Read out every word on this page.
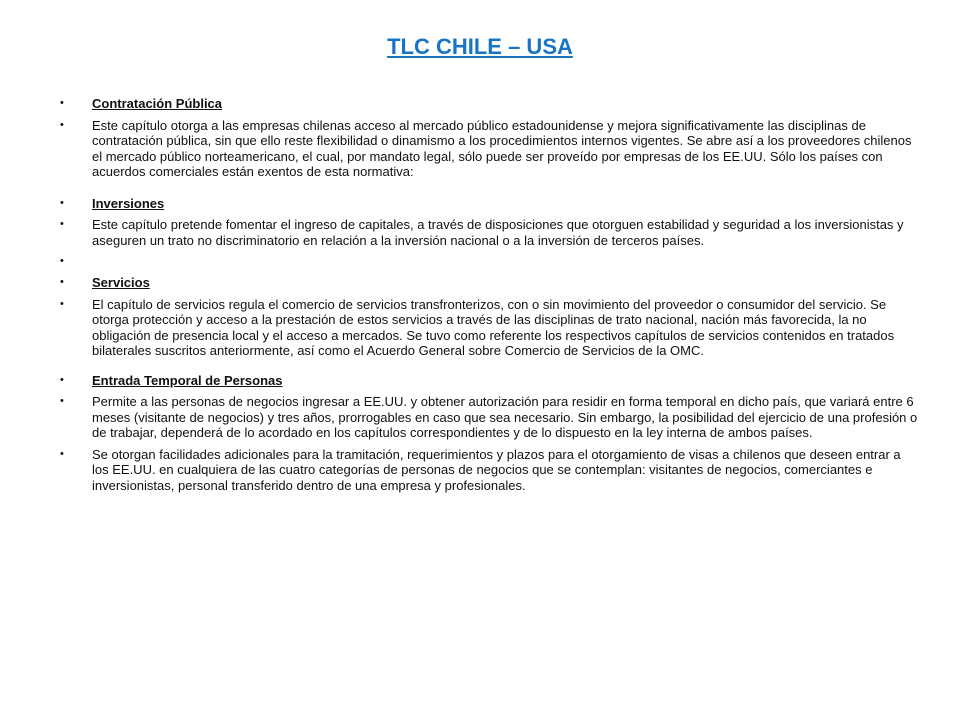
TLC CHILE – USA
•	Contratación Pública
•	Este capítulo otorga a las empresas chilenas acceso al mercado público estadounidense y mejora significativamente las disciplinas de contratación pública, sin que ello reste flexibilidad o dinamismo a los procedimientos internos vigentes. Se abre así a los proveedores chilenos el mercado público norteamericano, el cual, por mandato legal, sólo puede ser proveído por empresas de los EE.UU. Sólo los países con acuerdos comerciales están exentos de esta normativa:
•	Inversiones
•	Este capítulo pretende fomentar el ingreso de capitales, a través de disposiciones que otorguen estabilidad y seguridad a los inversionistas y aseguren un trato no discriminatorio en relación a la inversión nacional o a la inversión de terceros países.
•
•	Servicios
•	El capítulo de servicios regula el comercio de servicios transfronterizos, con o sin movimiento del proveedor o consumidor del servicio. Se otorga protección y acceso a la prestación de estos servicios a través de las disciplinas de trato nacional, nación más favorecida, la no obligación de presencia local y el acceso a mercados. Se tuvo como referente los respectivos capítulos de servicios contenidos en tratados bilaterales suscritos anteriormente, así como el Acuerdo General sobre Comercio de Servicios de la OMC.
•	Entrada Temporal de Personas
•	Permite a las personas de negocios ingresar a EE.UU. y obtener autorización para residir en forma temporal en dicho país, que variará entre 6 meses (visitante de negocios) y tres años, prorrogables en caso que sea necesario. Sin embargo, la posibilidad del ejercicio de una profesión o de trabajar, dependerá de lo acordado en los capítulos correspondientes y de lo dispuesto en la ley interna de ambos países.
•	Se otorgan facilidades adicionales para la tramitación, requerimientos y plazos para el otorgamiento de visas a chilenos que deseen entrar a los EE.UU. en cualquiera de las cuatro categorías de personas de negocios que se contemplan: visitantes de negocios, comerciantes e inversionistas, personal transferido dentro de una empresa y profesionales.
